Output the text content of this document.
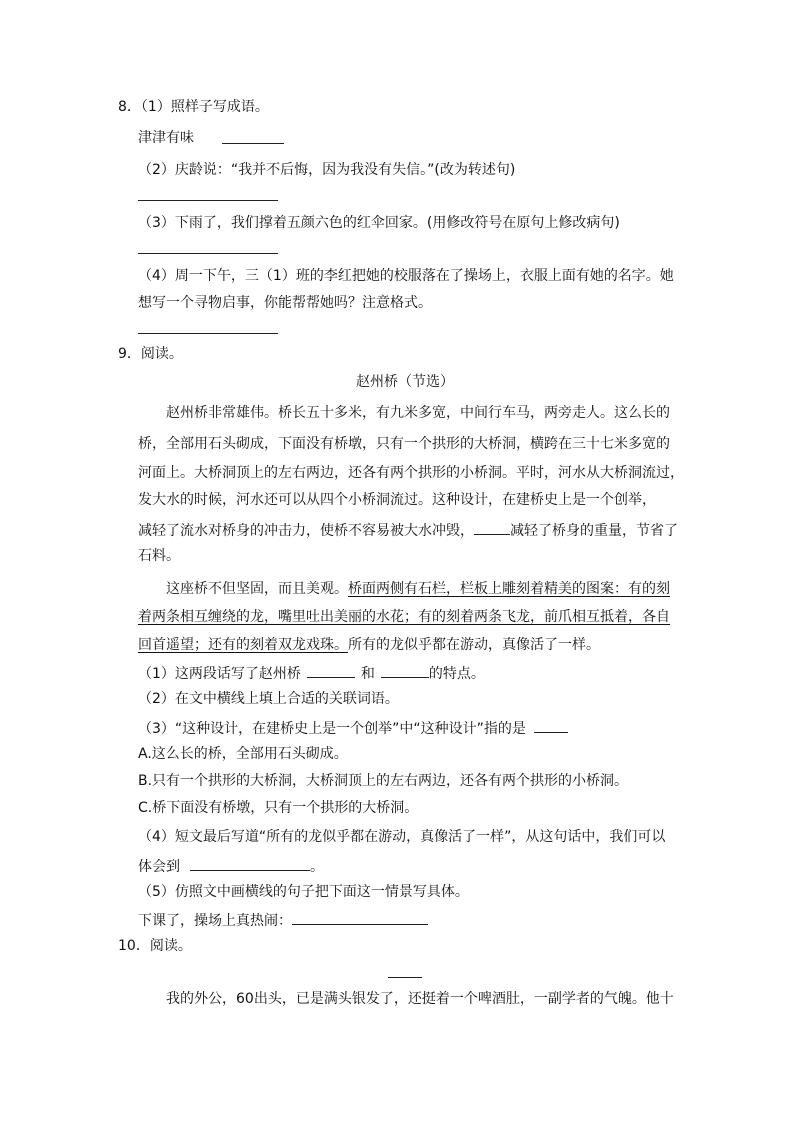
8．（1）照样子写成语。
津津有味
（2）庆龄说：“我并不后悔，因为我没有失信。”(改为转述句)
（3）下雨了，我们撑着五颜六色的红伞回家。(用修改符号在原句上修改病句)
（4）周一下午，三（1）班的李红把她的校服落在了操场上，衣服上面有她的名字。她
想写一个寻物启事，你能帮帮她吗？注意格式。
9．阅读。
赵州桥（节选）
赵州桥非常雄伟。桥长五十多米，有九米多宽，中间行车马，两旁走人。这么长的
桥，全部用石头砌成，下面没有桥墩，只有一个拱形的大桥洞，横跨在三十七米多宽的
河面上。大桥洞顶上的左右两边，还各有两个拱形的小桥洞。平时，河水从大桥洞流过，
发大水的时候，河水还可以从四个小桥洞流过。这种设计，在建桥史上是一个创举，
减轻了流水对桥身的冲击力，使桥不容易被大水冲毁，	减轻了桥身的重量，节省了
石料。
这座桥不但坚固，而且美观。桥面两侧有石栏，栏板上雕刻着精美的图案：有的刻
着两条相互缠绕的龙，嘴里吐出美丽的水花；有的刻着两条飞龙，前爪相互抵着，各自
回首遥望；还有的刻着双龙戏珠。所有的龙似乎都在游动，真像活了一样。
（1）这两段话写了赵州桥	和	的特点。
（2）在文中横线上填上合适的关联词语。
（3）“这种设计，在建桥史上是一个创举”中“这种设计”指的是
A.这么长的桥，全部用石头砌成。
B.只有一个拱形的大桥洞，大桥洞顶上的左右两边，还各有两个拱形的小桥洞。
C.桥下面没有桥墩，只有一个拱形的大桥洞。
（4）短文最后写道“所有的龙似乎都在游动，真像活了一样”，从这句话中，我们可以
体会到	。
（5）仿照文中画横线的句子把下面这一情景写具体。
下课了，操场上真热闹：
10．阅读。
我的外公，60出头，已是满头银发了，还挺着一个啤酒肚，一副学者的气魄。他十
